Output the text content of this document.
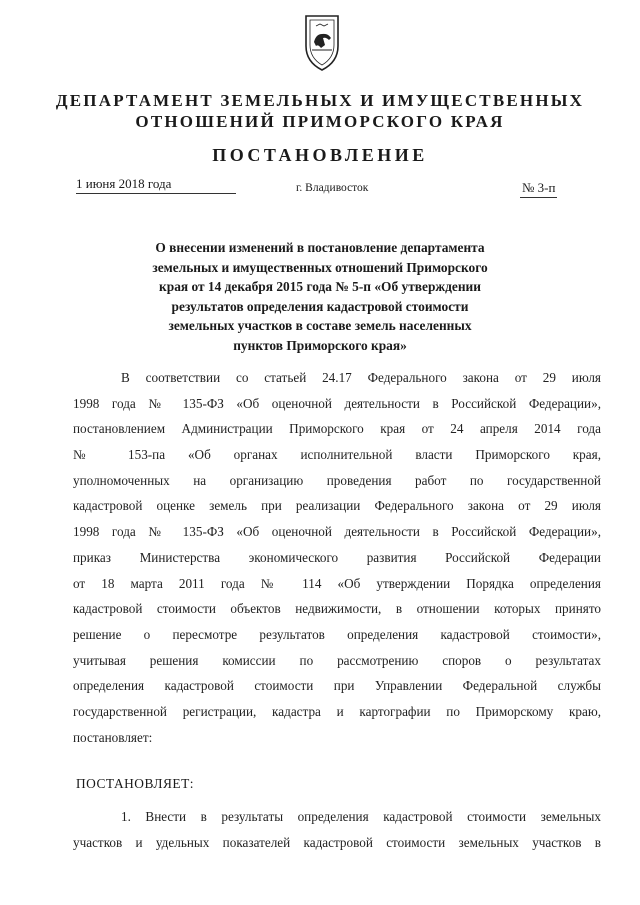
ДЕПАРТАМЕНТ ЗЕМЕЛЬНЫХ И ИМУЩЕСТВЕННЫХ
ОТНОШЕНИЙ ПРИМОРСКОГО КРАЯ
ПОСТАНОВЛЕНИЕ
1 июня 2018 года	г. Владивосток	№ 3-п
О внесении изменений в постановление департамента
земельных и имущественных отношений Приморского
края от 14 декабря 2015 года № 5-п «Об утверждении
результатов определения кадастровой стоимости
земельных участков в составе земель населенных
пунктов Приморского края»
В соответствии со статьей 24.17 Федерального закона от 29 июля
1998 года № 135-ФЗ «Об оценочной деятельности в Российской Федерации»,
постановлением Администрации Приморского края от 24 апреля 2014 года
№ 153-па «Об органах исполнительной власти Приморского края,
уполномоченных на организацию проведения работ по государственной
кадастровой оценке земель при реализации Федерального закона от 29 июля
1998 года № 135-ФЗ «Об оценочной деятельности в Российской Федерации»,
приказ Министерства экономического развития Российской Федерации
от 18 марта 2011 года № 114 «Об утверждении Порядка определения
кадастровой стоимости объектов недвижимости, в отношении которых принято
решение о пересмотре результатов определения кадастровой стоимости»,
учитывая решения комиссии по рассмотрению споров о результатах
определения кадастровой стоимости при Управлении Федеральной службы
государственной регистрации, кадастра и картографии по Приморскому краю,
постановляет:
ПОСТАНОВЛЯЕТ:
1. Внести в результаты определения кадастровой стоимости земельных
участков и удельных показателей кадастровой стоимости земельных участков в
